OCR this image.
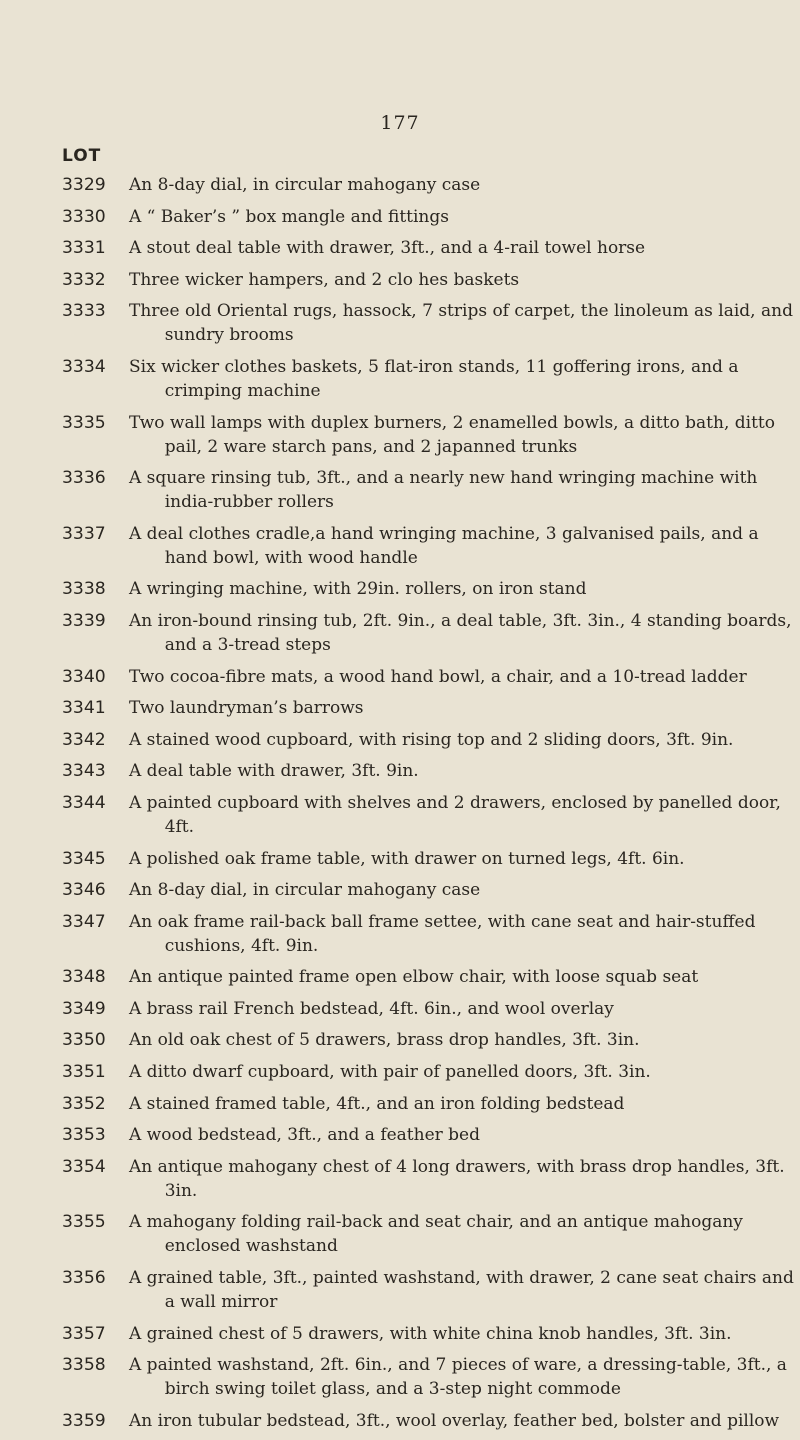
177
LOT
3329	An 8-day dial, in circular mahogany case
3330	A “ Baker’s ” box mangle and fittings
3331	A stout deal table with drawer, 3ft., and a 4-rail towel horse
3332	Three wicker hampers, and 2 clo hes baskets
3333	Three old Oriental rugs, hassock, 7 strips of carpet, the linoleum as laid, and sundry brooms
3334	Six wicker clothes baskets, 5 flat-iron stands, 11 goffering irons, and a crimping machine
3335	Two wall lamps with duplex burners, 2 enamelled bowls, a ditto bath, ditto pail, 2 ware starch pans, and 2 japanned trunks
3336	A square rinsing tub, 3ft., and a nearly new hand wringing machine with india-rubber rollers
3337	A deal clothes cradle,a hand wringing machine, 3 galvanised pails, and a hand bowl, with wood handle
3338	A wringing machine, with 29in. rollers, on iron stand
3339	An iron-bound rinsing tub, 2ft. 9in., a deal table, 3ft. 3in., 4 standing boards, and a 3-tread steps
3340	Two cocoa-fibre mats, a wood hand bowl, a chair, and a 10-tread ladder
3341	Two laundryman’s barrows
3342	A stained wood cupboard, with rising top and 2 sliding doors, 3ft. 9in.
3343	A deal table with drawer, 3ft. 9in.
3344	A painted cupboard with shelves and 2 drawers, enclosed by panelled door, 4ft.
3345	A polished oak frame table, with drawer on turned legs, 4ft. 6in.
3346	An 8-day dial, in circular mahogany case
3347	An oak frame rail-back ball frame settee, with cane seat and hair-stuffed cushions, 4ft. 9in.
3348	An antique painted frame open elbow chair, with loose squab seat
3349	A brass rail French bedstead, 4ft. 6in., and wool overlay
3350	An old oak chest of 5 drawers, brass drop handles, 3ft. 3in.
3351	A ditto dwarf cupboard, with pair of panelled doors, 3ft. 3in.
3352	A stained framed table, 4ft., and an iron folding bedstead
3353	A wood bedstead, 3ft., and a feather bed
3354	An antique mahogany chest of 4 long drawers, with brass drop handles, 3ft. 3in.
3355	A mahogany folding rail-back and seat chair, and an antique mahogany enclosed washstand
3356	A grained table, 3ft., painted washstand, with drawer, 2 cane seat chairs and a wall mirror
3357	A grained chest of 5 drawers, with white china knob handles, 3ft. 3in.
3358	A painted washstand, 2ft. 6in., and 7 pieces of ware, a dressing-table, 3ft., a birch swing toilet glass, and a 3-step night commode
3359	An iron tubular bedstead, 3ft., wool overlay, feather bed, bolster and pillow
